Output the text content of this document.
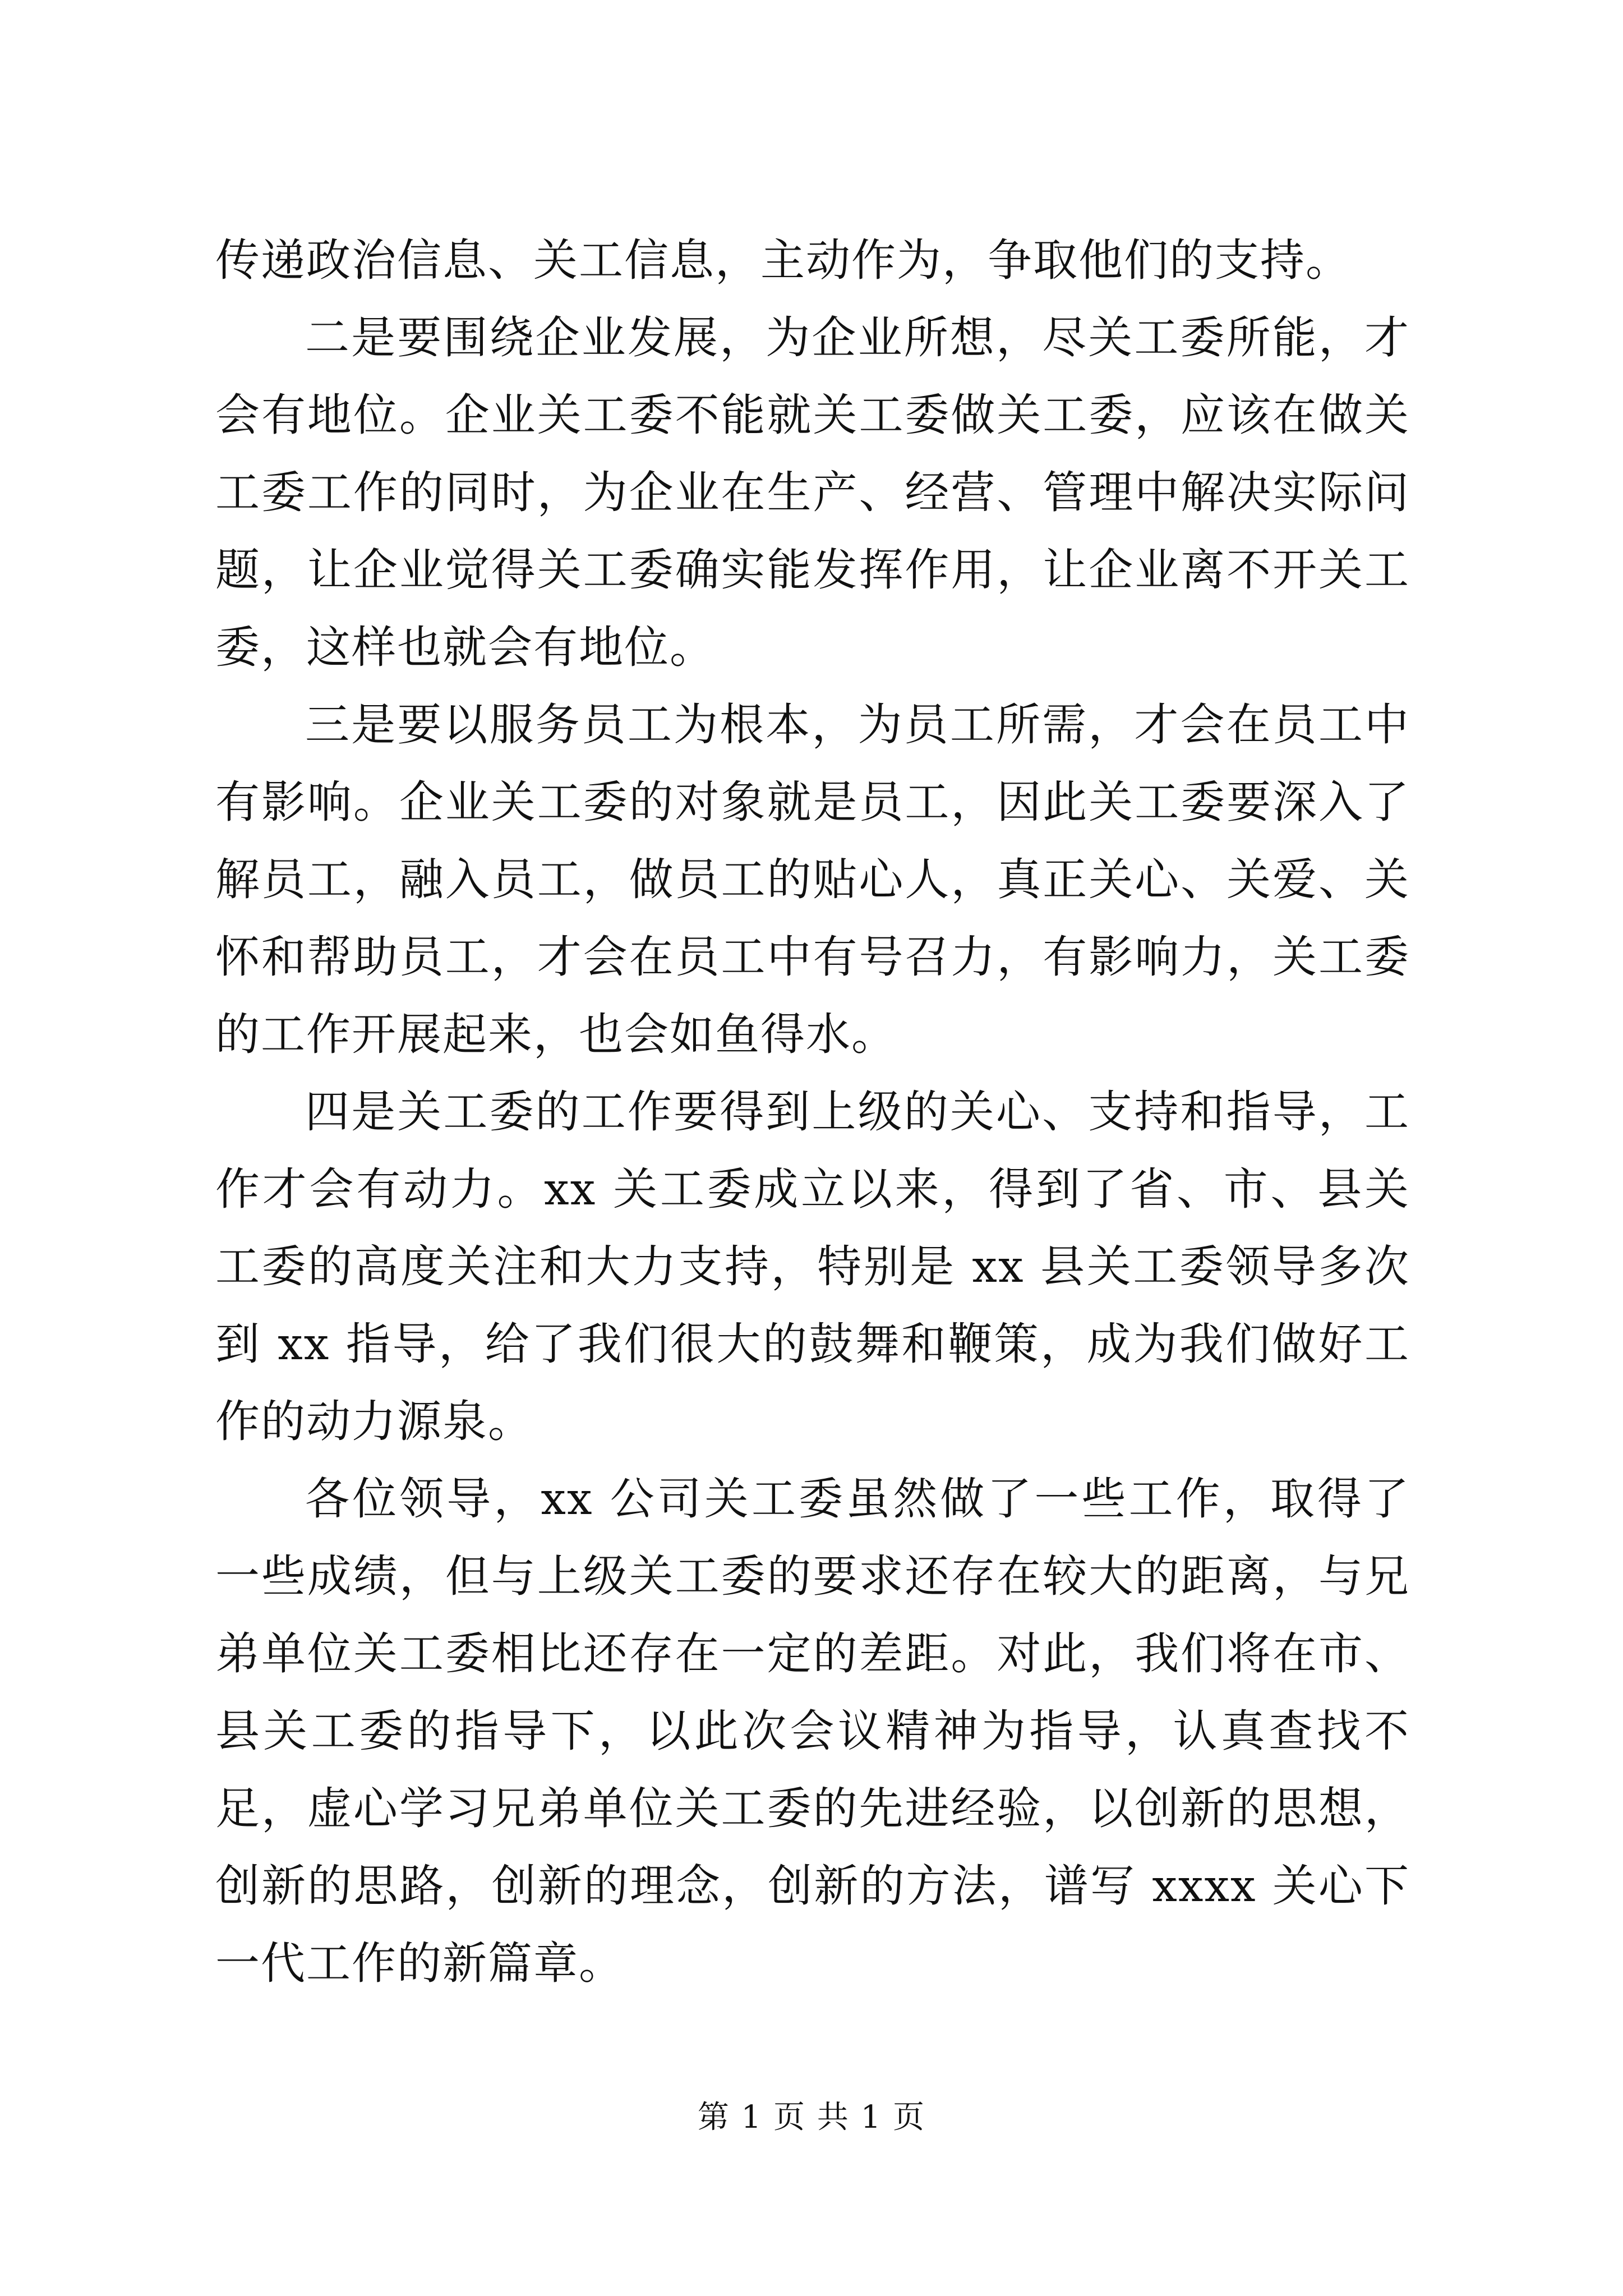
传递政治信息、关工信息，主动作为，争取他们的支持。

二是要围绕企业发展，为企业所想，尽关工委所能，才会有地位。企业关工委不能就关工委做关工委，应该在做关工委工作的同时，为企业在生产、经营、管理中解决实际问题，让企业觉得关工委确实能发挥作用，让企业离不开关工委，这样也就会有地位。

三是要以服务员工为根本，为员工所需，才会在员工中有影响。企业关工委的对象就是员工，因此关工委要深入了解员工，融入员工，做员工的贴心人，真正关心、关爱、关怀和帮助员工，才会在员工中有号召力，有影响力，关工委的工作开展起来，也会如鱼得水。

四是关工委的工作要得到上级的关心、支持和指导，工作才会有动力。xx 关工委成立以来，得到了省、市、县关工委的高度关注和大力支持，特别是 xx 县关工委领导多次到 xx 指导，给了我们很大的鼓舞和鞭策，成为我们做好工作的动力源泉。

各位领导，xx 公司关工委虽然做了一些工作，取得了一些成绩，但与上级关工委的要求还存在较大的距离，与兄弟单位关工委相比还存在一定的差距。对此，我们将在市、县关工委的指导下，以此次会议精神为指导，认真查找不足，虚心学习兄弟单位关工委的先进经验，以创新的思想，创新的思路，创新的理念，创新的方法，谱写 xxxx 关心下一代工作的新篇章。

第 1 页 共 1 页
